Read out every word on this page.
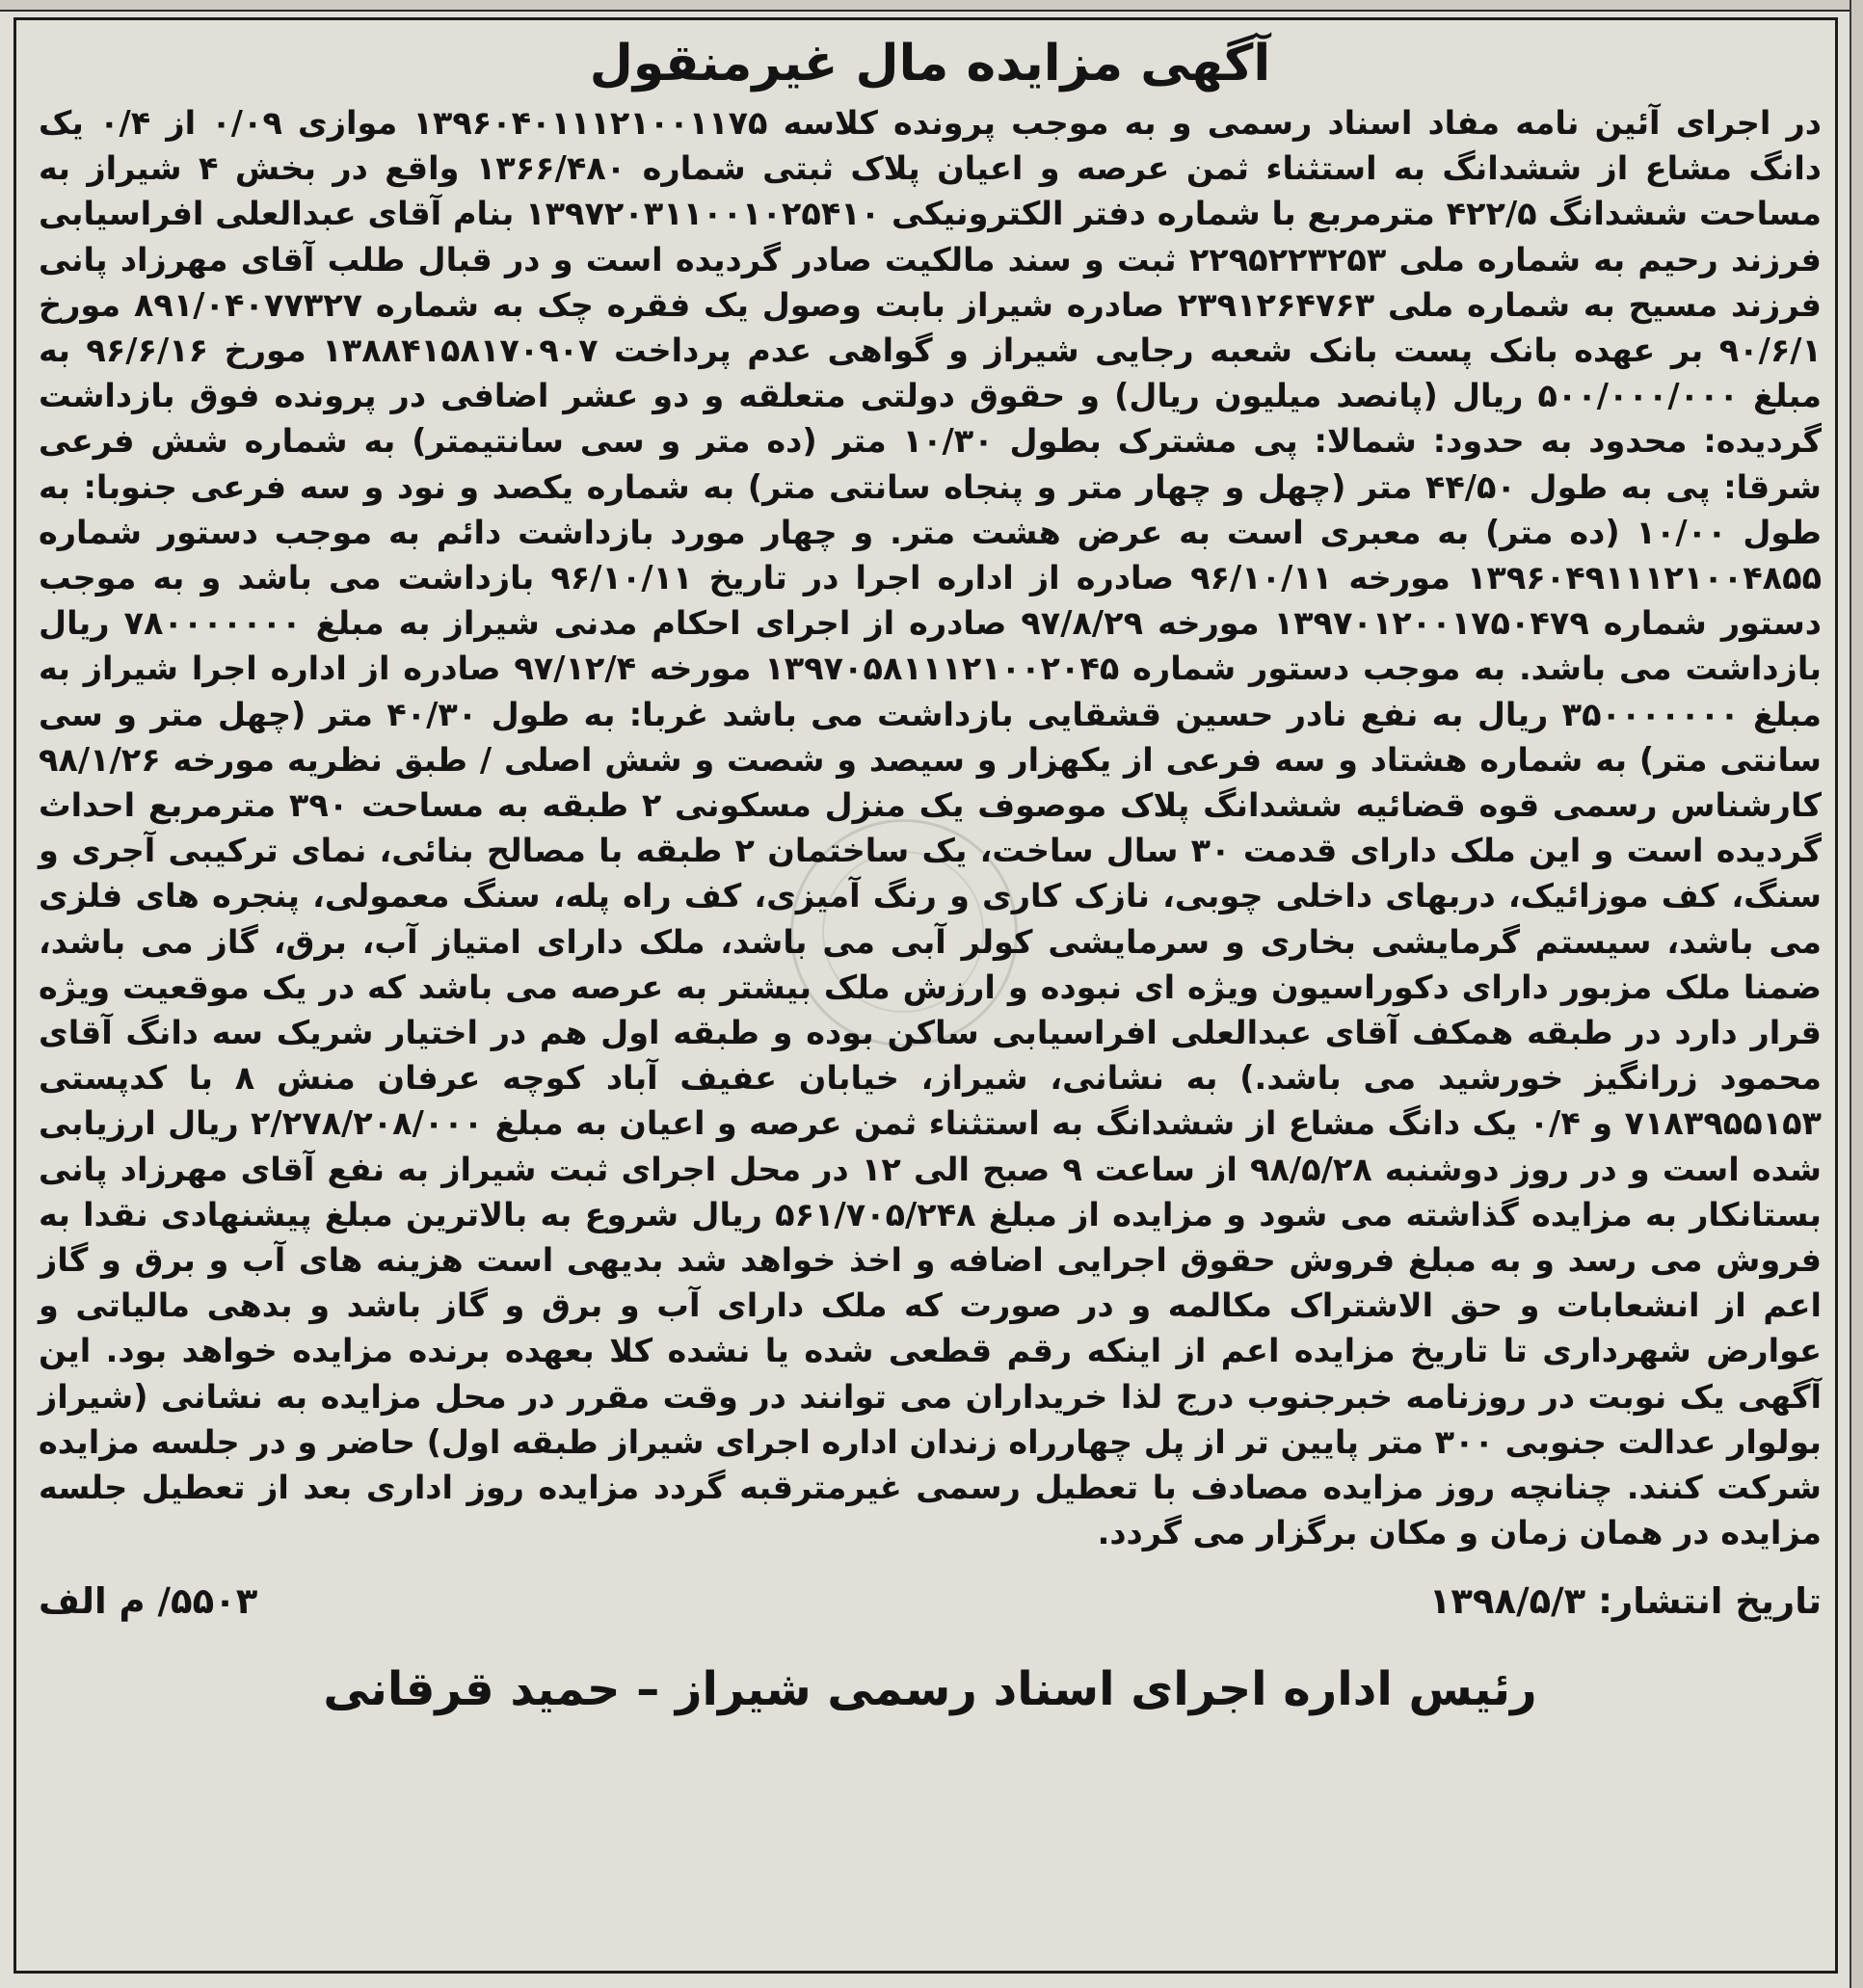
آگهی مزایده مال غیرمنقول

در اجرای آئین نامه مفاد اسناد رسمی و به موجب پرونده کلاسه ۱۳۹۶۰۴۰۱۱۱۲۱۰۰۱۱۷۵ موازی ۰/۰۹ از ۰/۴ یک دانگ مشاع از ششدانگ به استثناء ثمن عرصه و اعیان پلاک ثبتی شماره ۱۳۶۶/۴۸۰ واقع در بخش ۴ شیراز به مساحت ششدانگ ۴۲۲/۵ مترمربع با شماره دفتر الکترونیکی ۱۳۹۷۲۰۳۱۱۰۰۱۰۲۵۴۱۰ بنام آقای عبدالعلی افراسیابی فرزند رحیم به شماره ملی ۲۲۹۵۲۲۳۲۵۳ ثبت و سند مالکیت صادر گردیده است و در قبال طلب آقای مهرزاد پانی فرزند مسیح به شماره ملی ۲۳۹۱۲۶۴۷۶۳ صادره شیراز بابت وصول یک فقره چک به شماره ۸۹۱/۰۴۰۷۷۳۲۷ مورخ ۹۰/۶/۱ بر عهده بانک پست بانک شعبه رجایی شیراز و گواهی عدم پرداخت ۱۳۸۸۴۱۵۸۱۷۰۹۰۷ مورخ ۹۶/۶/۱۶ به مبلغ ۵۰۰/۰۰۰/۰۰۰ ریال (پانصد میلیون ریال) و حقوق دولتی متعلقه و دو عشر اضافی در پرونده فوق بازداشت گردیده: محدود به حدود: شمالا: پی مشترک بطول ۱۰/۳۰ متر (ده متر و سی سانتیمتر) به شماره شش فرعی شرقا: پی به طول ۴۴/۵۰ متر (چهل و چهار متر و پنجاه سانتی متر) به شماره یکصد و نود و سه فرعی جنوبا: به طول ۱۰/۰۰ (ده متر) به معبری است به عرض هشت متر. و چهار مورد بازداشت دائم به موجب دستور شماره ۱۳۹۶۰۴۹۱۱۱۲۱۰۰۴۸۵۵ مورخه ۹۶/۱۰/۱۱ صادره از اداره اجرا در تاریخ ۹۶/۱۰/۱۱ بازداشت می باشد و به موجب دستور شماره ۱۳۹۷۰۱۲۰۰۱۷۵۰۴۷۹ مورخه ۹۷/۸/۲۹ صادره از اجرای احکام مدنی شیراز به مبلغ ۷۸۰۰۰۰۰۰۰ ریال بازداشت می باشد. به موجب دستور شماره ۱۳۹۷۰۵۸۱۱۱۲۱۰۰۲۰۴۵ مورخه ۹۷/۱۲/۴ صادره از اداره اجرا شیراز به مبلغ ۳۵۰۰۰۰۰۰۰ ریال به نفع نادر حسین قشقایی بازداشت می باشد غربا: به طول ۴۰/۳۰ متر (چهل متر و سی سانتی متر) به شماره هشتاد و سه فرعی از یکهزار و سیصد و شصت و شش اصلی / طبق نظریه مورخه ۹۸/۱/۲۶ کارشناس رسمی قوه قضائیه ششدانگ پلاک موصوف یک منزل مسکونی ۲ طبقه به مساحت ۳۹۰ مترمربع احداث گردیده است و این ملک دارای قدمت ۳۰ سال ساخت، یک ساختمان ۲ طبقه با مصالح بنائی، نمای ترکیبی آجری و سنگ، کف موزائیک، دربهای داخلی چوبی، نازک کاری و رنگ آمیزی، کف راه پله، سنگ معمولی، پنجره های فلزی می باشد، سیستم گرمایشی بخاری و سرمایشی کولر آبی می باشد، ملک دارای امتیاز آب، برق، گاز می باشد، ضمنا ملک مزبور دارای دکوراسیون ویژه ای نبوده و ارزش ملک بیشتر به عرصه می باشد که در یک موقعیت ویژه قرار دارد در طبقه همکف آقای عبدالعلی افراسیابی ساکن بوده و طبقه اول هم در اختیار شریک سه دانگ آقای محمود زرانگیز خورشید می باشد.) به نشانی، شیراز، خیابان عفیف آباد کوچه عرفان منش ۸ با کدپستی ۷۱۸۳۹۵۵۱۵۳ و ۰/۴ یک دانگ مشاع از ششدانگ به استثناء ثمن عرصه و اعیان به مبلغ ۲/۲۷۸/۲۰۸/۰۰۰ ریال ارزیابی شده است و در روز دوشنبه ۹۸/۵/۲۸ از ساعت ۹ صبح الی ۱۲ در محل اجرای ثبت شیراز به نفع آقای مهرزاد پانی بستانکار به مزایده گذاشته می شود و مزایده از مبلغ ۵۶۱/۷۰۵/۲۴۸ ریال شروع به بالاترین مبلغ پیشنهادی نقدا به فروش می رسد و به مبلغ فروش حقوق اجرایی اضافه و اخذ خواهد شد بدیهی است هزینه های آب و برق و گاز اعم از انشعابات و حق الاشتراک مکالمه و در صورت که ملک دارای آب و برق و گاز باشد و بدهی مالیاتی و عوارض شهرداری تا تاریخ مزایده اعم از اینکه رقم قطعی شده یا نشده کلا بعهده برنده مزایده خواهد بود. این آگهی یک نوبت در روزنامه خبرجنوب درج لذا خریداران می توانند در وقت مقرر در محل مزایده به نشانی (شیراز بولوار عدالت جنوبی ۳۰۰ متر پایین تر از پل چهارراه زندان اداره اجرای شیراز طبقه اول) حاضر و در جلسه مزایده شرکت کنند. چنانچه روز مزایده مصادف با تعطیل رسمی غیرمترقبه گردد مزایده روز اداری بعد از تعطیل جلسه مزایده در همان زمان و مکان برگزار می گردد.

تاریخ انتشار: ۱۳۹۸/۵/۳
۵۵۰۳/ م الف
رئیس اداره اجرای اسناد رسمی شیراز – حمید قرقانی
